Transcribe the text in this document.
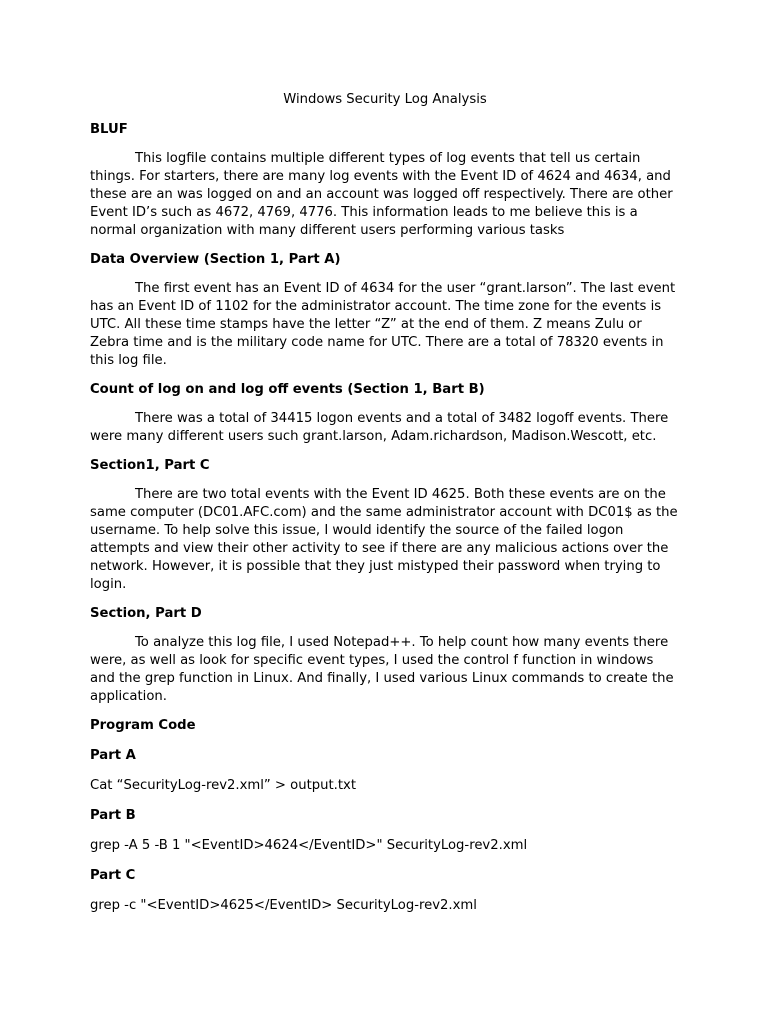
Windows Security Log Analysis
BLUF
This logfile contains multiple different types of log events that tell us certain things. For starters, there are many log events with the Event ID of 4624 and 4634, and these are an was logged on and an account was logged off respectively. There are other Event ID’s such as 4672, 4769, 4776. This information leads to me believe this is a normal organization with many different users performing various tasks
Data Overview (Section 1, Part A)
The first event has an Event ID of 4634 for the user “grant.larson”. The last event has an Event ID of 1102 for the administrator account. The time zone for the events is UTC. All these time stamps have the letter “Z” at the end of them. Z means Zulu or Zebra time and is the military code name for UTC. There are a total of 78320 events in this log file.
Count of log on and log off events (Section 1, Bart B)
There was a total of 34415 logon events and a total of 3482 logoff events. There were many different users such grant.larson, Adam.richardson, Madison.Wescott, etc.
Section1, Part C
There are two total events with the Event ID 4625. Both these events are on the same computer (DC01.AFC.com) and the same administrator account with DC01$ as the username. To help solve this issue, I would identify the source of the failed logon attempts and view their other activity to see if there are any malicious actions over the network. However, it is possible that they just mistyped their password when trying to login.
Section, Part D
To analyze this log file, I used Notepad++. To help count how many events there were, as well as look for specific event types, I used the control f function in windows and the grep function in Linux. And finally, I used various Linux commands to create the application.
Program Code
Part A
Cat “SecurityLog-rev2.xml” > output.txt
Part B
grep -A 5 -B 1 "<EventID>4624</EventID>" SecurityLog-rev2.xml
Part C
grep -c "<EventID>4625</EventID> SecurityLog-rev2.xml
